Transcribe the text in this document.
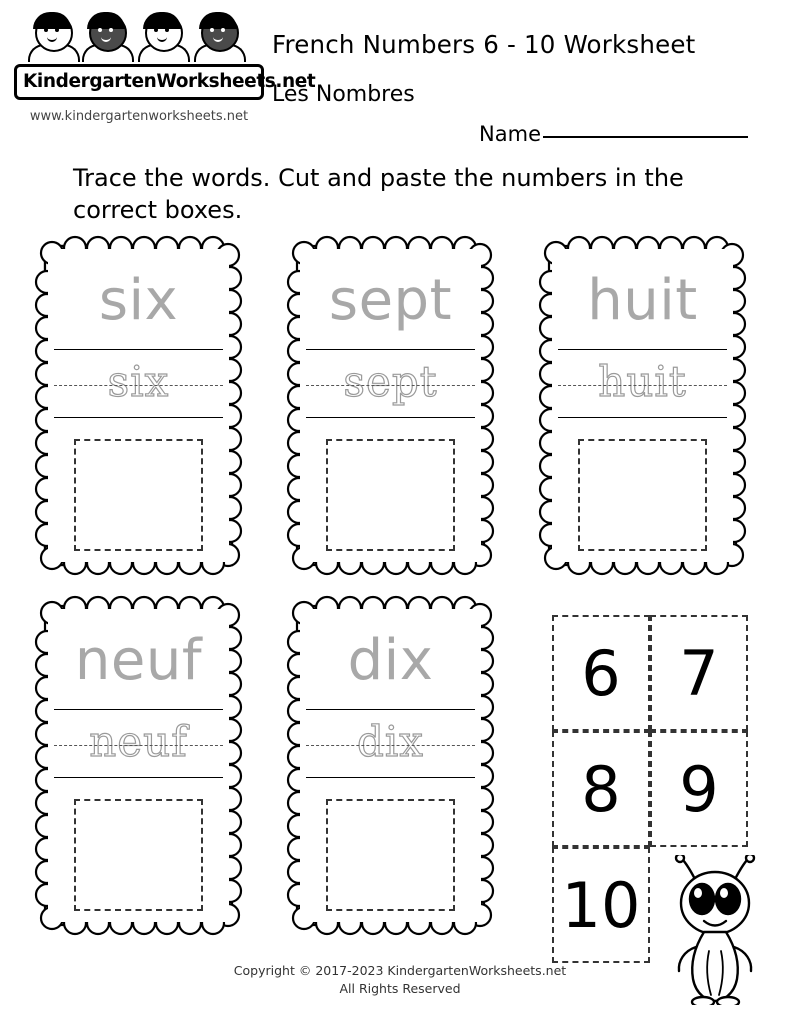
KindergartenWorksheets.net
www.kindergartenworksheets.net
French Numbers 6 - 10 Worksheet
Les Nombres
Name
Trace the words. Cut and paste the numbers in the correct boxes.
six
six
sept
sept
huit
huit
neuf
neuf
dix
dix
6 7
8 9
10
Copyright © 2017-2023 KindergartenWorksheets.net
All Rights Reserved
